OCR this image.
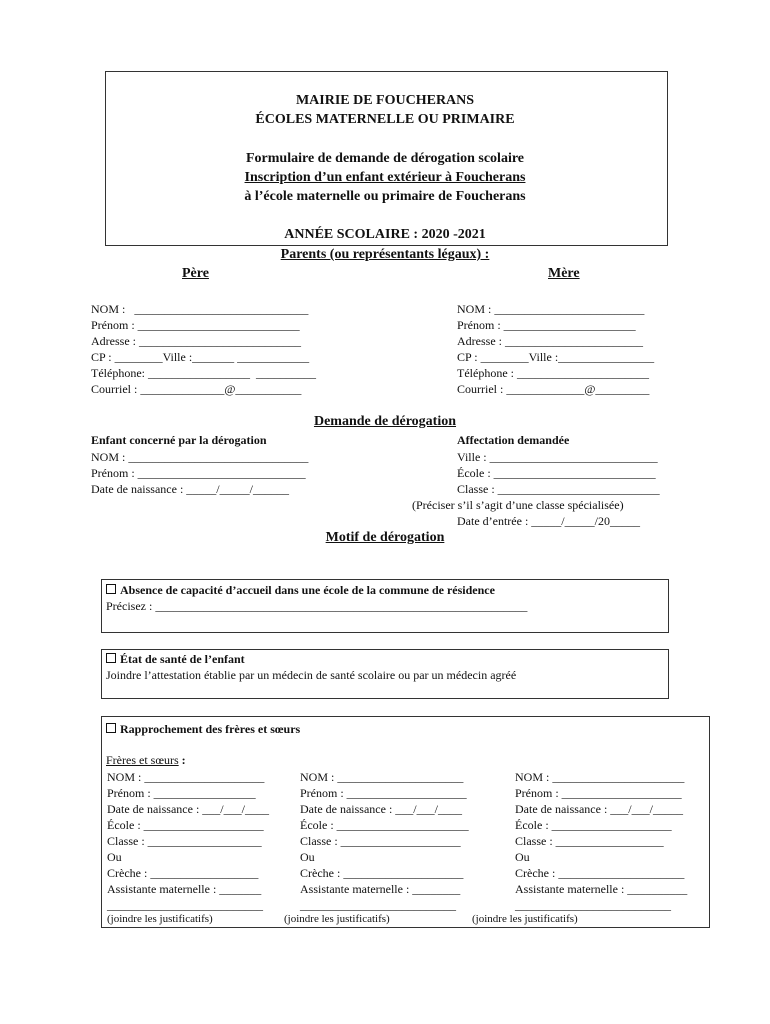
MAIRIE DE FOUCHERANS
ÉCOLES MATERNELLE OU PRIMAIRE
Formulaire de demande de dérogation scolaire
Inscription d’un enfant extérieur à Foucherans
à l’école maternelle ou primaire de Foucherans
ANNÉE SCOLAIRE : 2020 -2021
Parents (ou représentants légaux) :
Père	Mère
NOM :   _____________________________
Prénom : ___________________________
Adresse : ___________________________
CP : ________Ville :_______ ____________
Téléphone: _________________  __________
Courriel : ______________@___________
NOM : _________________________
Prénom : ______________________
Adresse : _______________________
CP : ________Ville :________________
Téléphone : ______________________
Courriel : _____________@_________
Demande de dérogation
Enfant concerné par la dérogation
NOM : ______________________________
Prénom : ____________________________
Date de naissance : _____/_____/______
Affectation demandée
Ville : ____________________________
École : ___________________________
Classe : ___________________________
(Préciser s’il s’agit d’une classe spécialisée)
Date d’entrée : _____/_____/20_____
Motif de dérogation
Absence de capacité d’accueil dans une école de la commune de résidence
Précisez : ______________________________________________________________
État de santé de l’enfant
Joindre l’attestation établie par un médecin de santé scolaire ou par un médecin agréé
Rapprochement des frères et sœurs
Frères et sœurs :
NOM : ____________________
Prénom : _________________
Date de naissance : ___/___/____
École : ____________________
Classe : ___________________
Ou
Crèche : __________________
Assistante maternelle : _______
__________________________
(joindre les justificatifs)
NOM : _____________________
Prénom : ____________________
Date de naissance : ___/___/____
École : ______________________
Classe : ____________________
Ou
Crèche : ____________________
Assistante maternelle : ________
__________________________
(joindre les justificatifs)
NOM : ______________________
Prénom : ____________________
Date de naissance : ___/___/_____
École : ____________________
Classe : __________________
Ou
Crèche : _____________________
Assistante maternelle : __________
__________________________
(joindre les justificatifs)
